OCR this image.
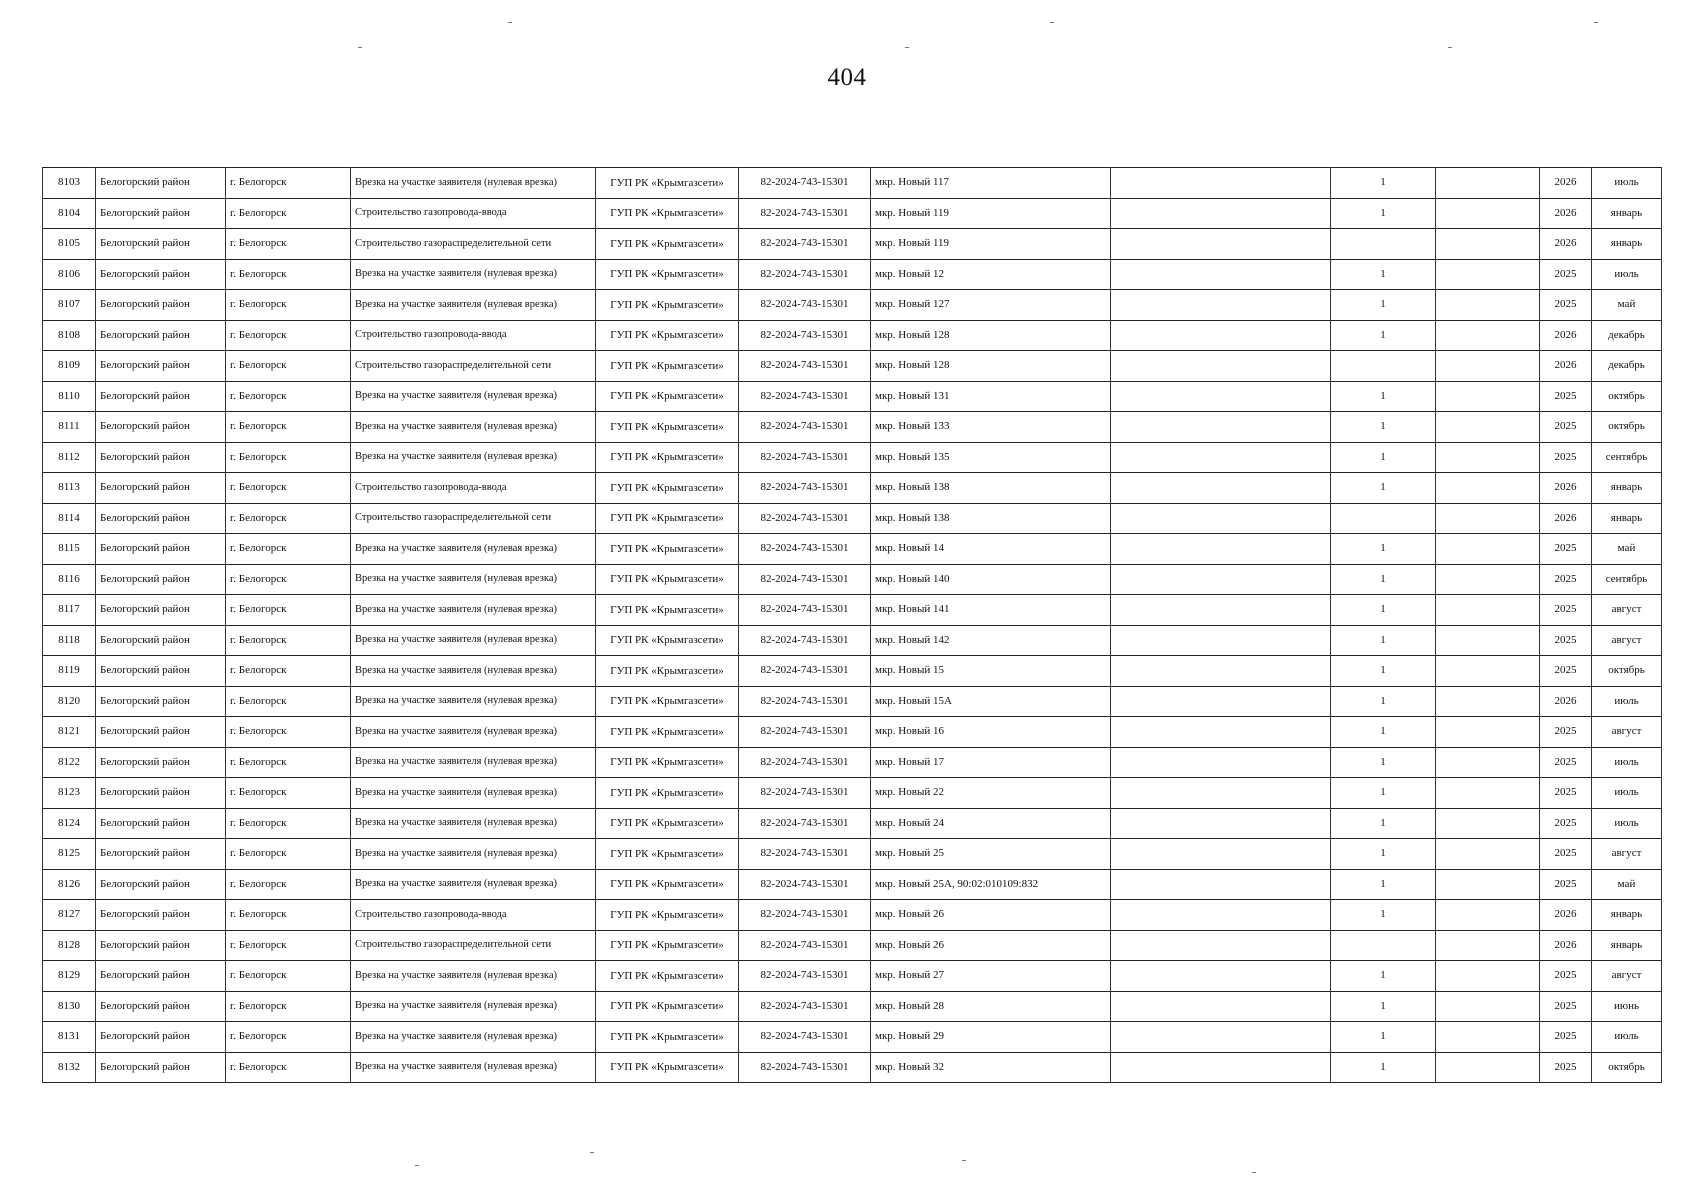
404
8103	Белогорский район	г. Белогорск	Врезка на участке заявителя (нулевая врезка)	ГУП РК «Крымгазсети»	82-2024-743-15301	мкр. Новый 117		1		2026	июль
8104	Белогорский район	г. Белогорск	Строительство газопровода-ввода	ГУП РК «Крымгазсети»	82-2024-743-15301	мкр. Новый 119		1		2026	январь
8105	Белогорский район	г. Белогорск	Строительство газораспределительной сети	ГУП РК «Крымгазсети»	82-2024-743-15301	мкр. Новый 119				2026	январь
8106	Белогорский район	г. Белогорск	Врезка на участке заявителя (нулевая врезка)	ГУП РК «Крымгазсети»	82-2024-743-15301	мкр. Новый 12		1		2025	июль
8107	Белогорский район	г. Белогорск	Врезка на участке заявителя (нулевая врезка)	ГУП РК «Крымгазсети»	82-2024-743-15301	мкр. Новый 127		1		2025	май
8108	Белогорский район	г. Белогорск	Строительство газопровода-ввода	ГУП РК «Крымгазсети»	82-2024-743-15301	мкр. Новый 128		1		2026	декабрь
8109	Белогорский район	г. Белогорск	Строительство газораспределительной сети	ГУП РК «Крымгазсети»	82-2024-743-15301	мкр. Новый 128				2026	декабрь
8110	Белогорский район	г. Белогорск	Врезка на участке заявителя (нулевая врезка)	ГУП РК «Крымгазсети»	82-2024-743-15301	мкр. Новый 131		1		2025	октябрь
8111	Белогорский район	г. Белогорск	Врезка на участке заявителя (нулевая врезка)	ГУП РК «Крымгазсети»	82-2024-743-15301	мкр. Новый 133		1		2025	октябрь
8112	Белогорский район	г. Белогорск	Врезка на участке заявителя (нулевая врезка)	ГУП РК «Крымгазсети»	82-2024-743-15301	мкр. Новый 135		1		2025	сентябрь
8113	Белогорский район	г. Белогорск	Строительство газопровода-ввода	ГУП РК «Крымгазсети»	82-2024-743-15301	мкр. Новый 138		1		2026	январь
8114	Белогорский район	г. Белогорск	Строительство газораспределительной сети	ГУП РК «Крымгазсети»	82-2024-743-15301	мкр. Новый 138				2026	январь
8115	Белогорский район	г. Белогорск	Врезка на участке заявителя (нулевая врезка)	ГУП РК «Крымгазсети»	82-2024-743-15301	мкр. Новый 14		1		2025	май
8116	Белогорский район	г. Белогорск	Врезка на участке заявителя (нулевая врезка)	ГУП РК «Крымгазсети»	82-2024-743-15301	мкр. Новый 140		1		2025	сентябрь
8117	Белогорский район	г. Белогорск	Врезка на участке заявителя (нулевая врезка)	ГУП РК «Крымгазсети»	82-2024-743-15301	мкр. Новый 141		1		2025	август
8118	Белогорский район	г. Белогорск	Врезка на участке заявителя (нулевая врезка)	ГУП РК «Крымгазсети»	82-2024-743-15301	мкр. Новый 142		1		2025	август
8119	Белогорский район	г. Белогорск	Врезка на участке заявителя (нулевая врезка)	ГУП РК «Крымгазсети»	82-2024-743-15301	мкр. Новый 15		1		2025	октябрь
8120	Белогорский район	г. Белогорск	Врезка на участке заявителя (нулевая врезка)	ГУП РК «Крымгазсети»	82-2024-743-15301	мкр. Новый 15А		1		2026	июль
8121	Белогорский район	г. Белогорск	Врезка на участке заявителя (нулевая врезка)	ГУП РК «Крымгазсети»	82-2024-743-15301	мкр. Новый 16		1		2025	август
8122	Белогорский район	г. Белогорск	Врезка на участке заявителя (нулевая врезка)	ГУП РК «Крымгазсети»	82-2024-743-15301	мкр. Новый 17		1		2025	июль
8123	Белогорский район	г. Белогорск	Врезка на участке заявителя (нулевая врезка)	ГУП РК «Крымгазсети»	82-2024-743-15301	мкр. Новый 22		1		2025	июль
8124	Белогорский район	г. Белогорск	Врезка на участке заявителя (нулевая врезка)	ГУП РК «Крымгазсети»	82-2024-743-15301	мкр. Новый 24		1		2025	июль
8125	Белогорский район	г. Белогорск	Врезка на участке заявителя (нулевая врезка)	ГУП РК «Крымгазсети»	82-2024-743-15301	мкр. Новый 25		1		2025	август
8126	Белогорский район	г. Белогорск	Врезка на участке заявителя (нулевая врезка)	ГУП РК «Крымгазсети»	82-2024-743-15301	мкр. Новый 25А, 90:02:010109:832		1		2025	май
8127	Белогорский район	г. Белогорск	Строительство газопровода-ввода	ГУП РК «Крымгазсети»	82-2024-743-15301	мкр. Новый 26		1		2026	январь
8128	Белогорский район	г. Белогорск	Строительство газораспределительной сети	ГУП РК «Крымгазсети»	82-2024-743-15301	мкр. Новый 26				2026	январь
8129	Белогорский район	г. Белогорск	Врезка на участке заявителя (нулевая врезка)	ГУП РК «Крымгазсети»	82-2024-743-15301	мкр. Новый 27		1		2025	август
8130	Белогорский район	г. Белогорск	Врезка на участке заявителя (нулевая врезка)	ГУП РК «Крымгазсети»	82-2024-743-15301	мкр. Новый 28		1		2025	июнь
8131	Белогорский район	г. Белогорск	Врезка на участке заявителя (нулевая врезка)	ГУП РК «Крымгазсети»	82-2024-743-15301	мкр. Новый 29		1		2025	июль
8132	Белогорский район	г. Белогорск	Врезка на участке заявителя (нулевая врезка)	ГУП РК «Крымгазсети»	82-2024-743-15301	мкр. Новый 32		1		2025	октябрь
